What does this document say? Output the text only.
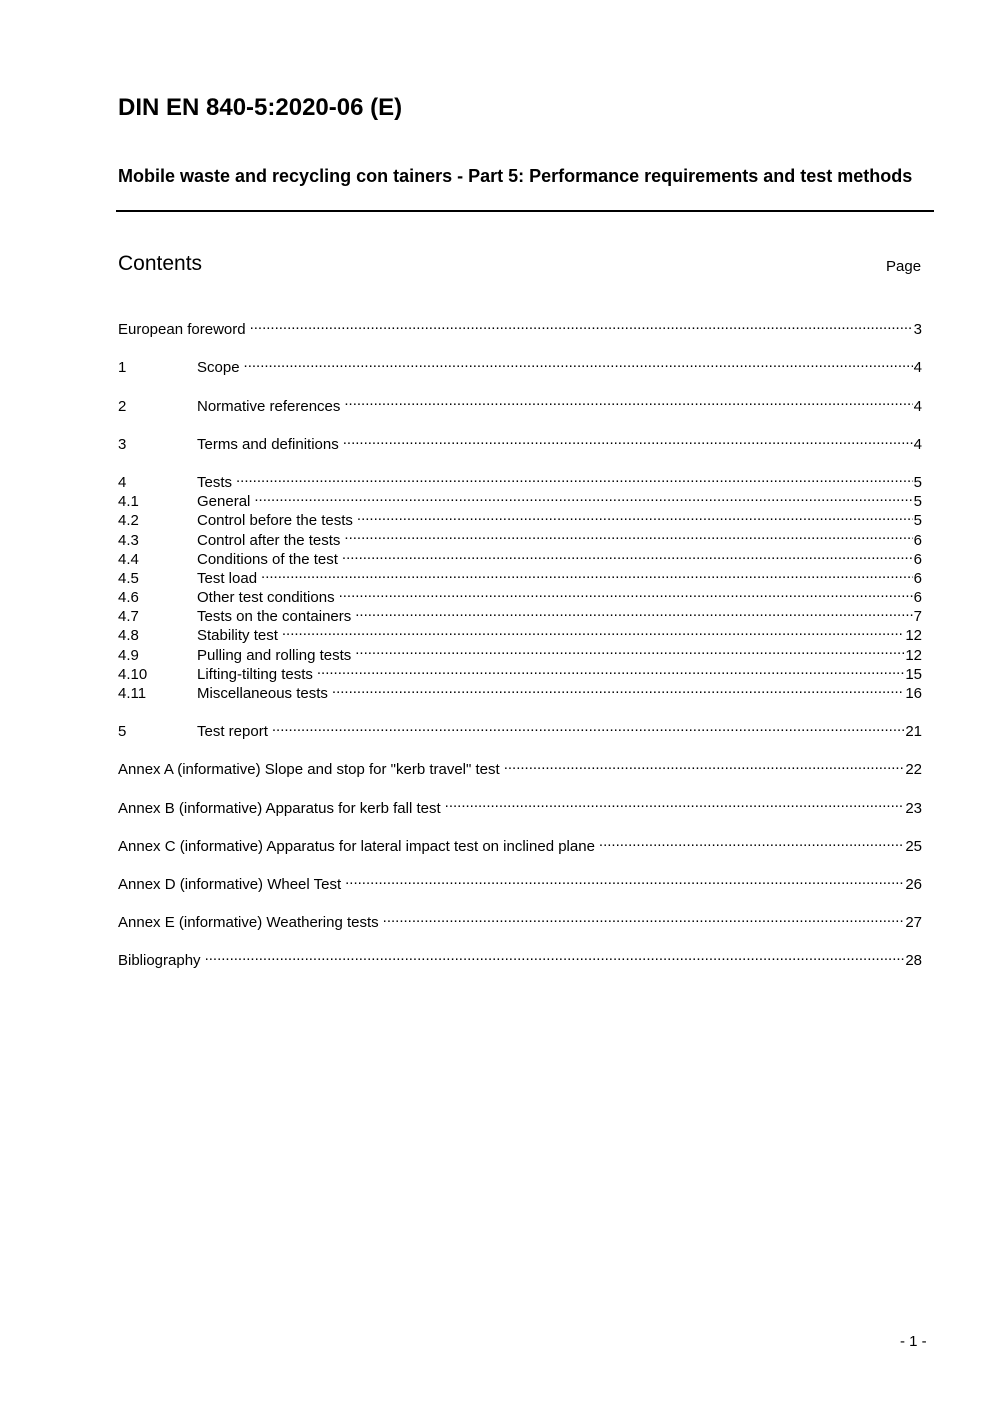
DIN EN 840-5:2020-06 (E)
Mobile waste and recycling con tainers - Part 5: Performance requirements and test methods
Contents	Page
European foreword .....	3
1	Scope .....	4
2	Normative references .....	4
3	Terms and definitions .....	4
4	Tests .....	5
4.1	General .....	5
4.2	Control before the tests .....	5
4.3	Control after the tests .....	6
4.4	Conditions of the test .....	6
4.5	Test load .....	6
4.6	Other test conditions .....	6
4.7	Tests on the containers .....	7
4.8	Stability test .....	12
4.9	Pulling and rolling tests .....	12
4.10	Lifting-tilting tests .....	15
4.11	Miscellaneous tests .....	16
5	Test report .....	21
Annex A (informative) Slope and stop for "kerb travel" test .....	22
Annex B (informative) Apparatus for kerb fall test .....	23
Annex C (informative) Apparatus for lateral impact test on inclined plane .....	25
Annex D (informative) Wheel Test .....	26
Annex E (informative) Weathering tests .....	27
Bibliography .....	28
- 1 -
